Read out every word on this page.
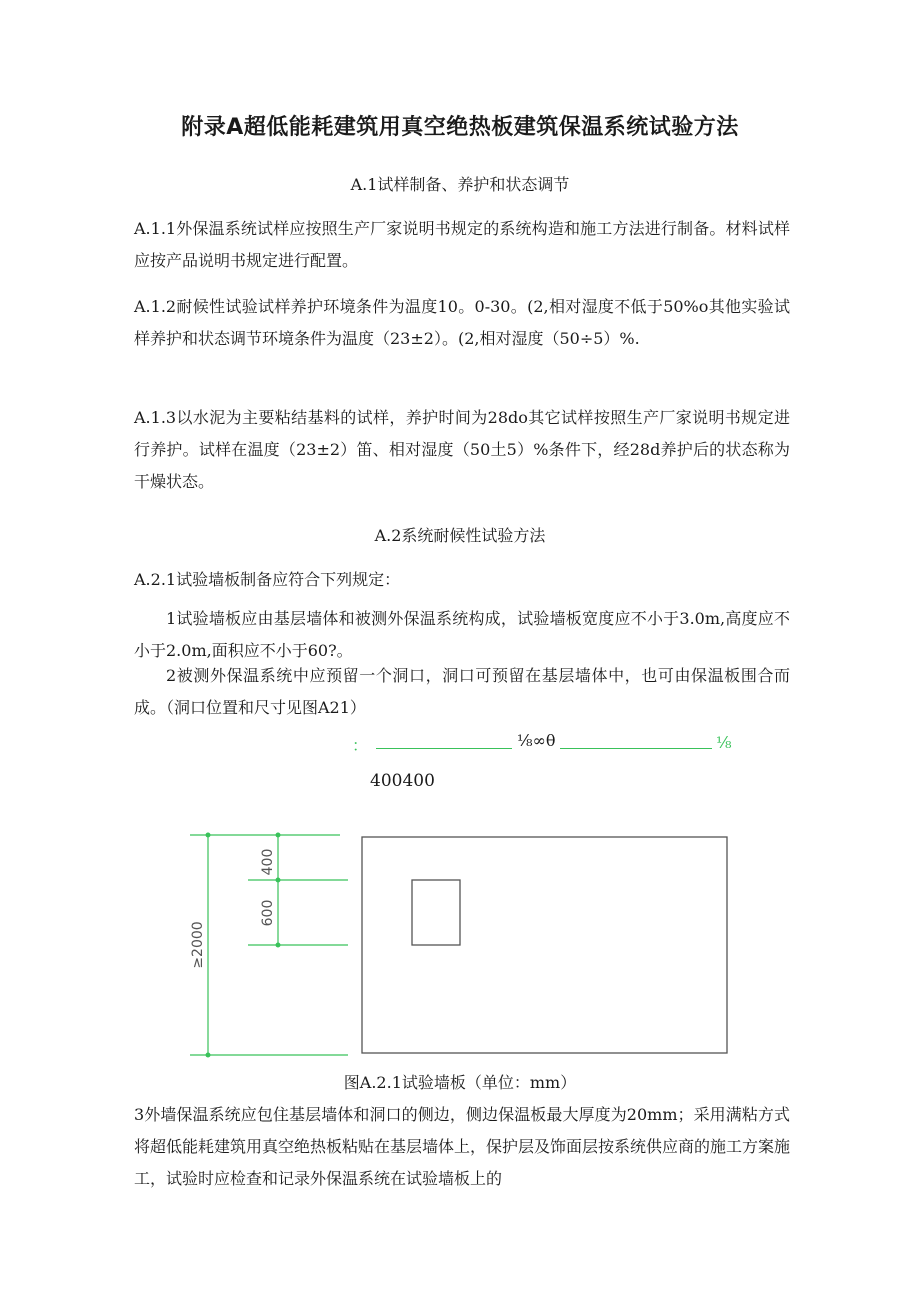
附录A超低能耗建筑用真空绝热板建筑保温系统试验方法
A.1试样制备、养护和状态调节

A.1.1外保温系统试样应按照生产厂家说明书规定的系统构造和施工方法进行制备。材料试样应按产品说明书规定进行配置。

A.1.2耐候性试验试样养护环境条件为温度10。0-30。(2,相对湿度不低于50%o其他实验试样养护和状态调节环境条件为温度（23±2）。(2,相对湿度（50÷5）%.

A.1.3以水泥为主要粘结基料的试样，养护时间为28do其它试样按照生产厂家说明书规定进行养护。试样在温度（23±2）笛、相对湿度（50土5）%条件下，经28d养护后的状态称为干燥状态。

A.2系统耐候性试验方法

A.2.1试验墙板制备应符合下列规定：

1试验墙板应由基层墙体和被测外保温系统构成，试验墙板宽度应不小于3.0m,高度应不小于2.0m,面积应不小于60?。

2被测外保温系统中应预留一个洞口，洞口可预留在基层墙体中，也可由保温板围合而成。（洞口位置和尺寸见图A21）

：	⅛∞θ	⅛
400400
400
600
≥2000
图A.2.1试验墙板（单位：mm）

3外墙保温系统应包住基层墙体和洞口的侧边，侧边保温板最大厚度为20mm；采用满粘方式将超低能耗建筑用真空绝热板粘贴在基层墙体上，保护层及饰面层按系统供应商的施工方案施工，试验时应检查和记录外保温系统在试验墙板上的
